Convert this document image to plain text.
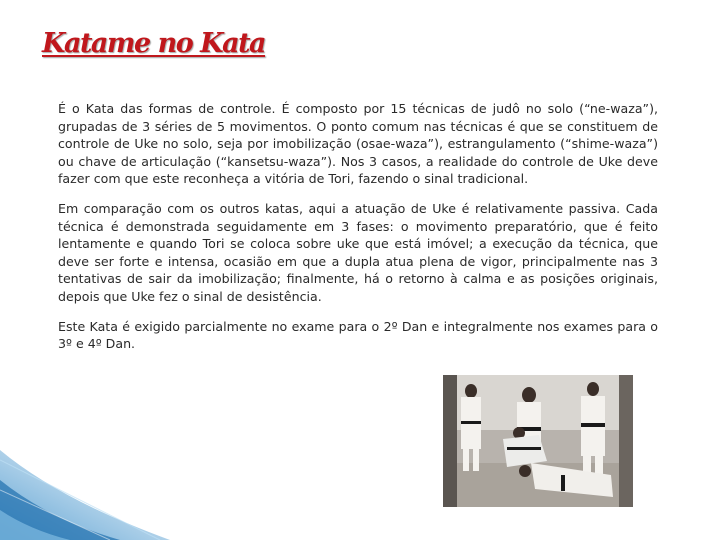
Katame no Kata

É o Kata das formas de controle. É composto por 15 técnicas de judô no solo (“ne-waza”), grupadas de 3 séries de 5 movimentos. O ponto comum nas técnicas é que se constituem de controle de Uke no solo, seja por imobilização (osae-waza”), estrangulamento (“shime-waza”) ou chave de articulação (“kansetsu-waza”). Nos 3 casos, a realidade do controle de Uke deve fazer com que este reconheça a vitória de Tori, fazendo o sinal tradicional.

Em comparação com os outros katas, aqui a atuação de Uke é relativamente passiva. Cada técnica é demonstrada seguidamente em 3 fases: o movimento preparatório, que é feito lentamente e quando Tori se coloca sobre uke que está imóvel; a execução da técnica, que deve ser forte e intensa, ocasião em que a dupla atua plena de vigor, principalmente nas 3 tentativas de sair da imobilização; finalmente, há o retorno à calma e as posições originais, depois que Uke fez o sinal de desistência.

Este Kata é exigido parcialmente no exame para o 2º Dan e integralmente nos exames para o 3º e 4º Dan.
